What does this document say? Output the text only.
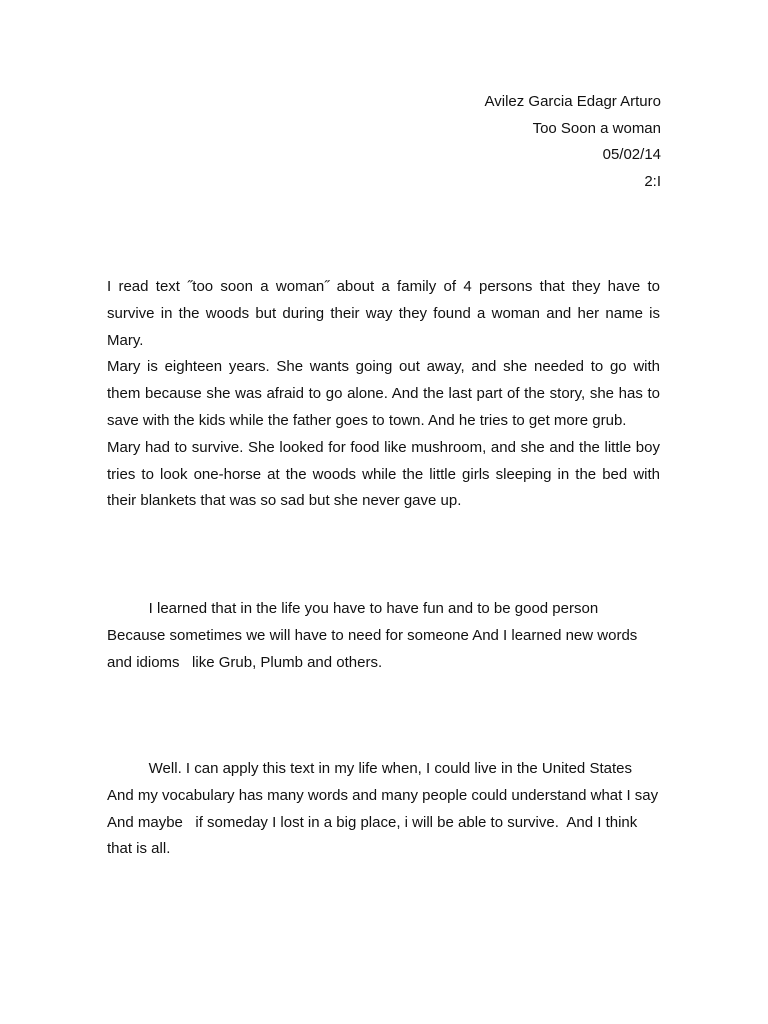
Avilez Garcia Edagr Arturo
Too Soon a woman
05/02/14
2:I
I read text ˝too soon a woman˝ about a family of 4 persons that they have to
survive in the woods but during their way they found a woman and her name is
Mary.
Mary is eighteen years. She wants going out away, and she needed to go with
them because she was afraid to go alone. And the last part of the story, she has to
save with the kids while the father goes to town. And he tries to get more grub.
Mary had to survive. She looked for food like mushroom, and she and the little boy
tries to look one-horse at the woods while the little girls sleeping in the bed with
their blankets that was so sad but she never gave up.
I learned that in the life you have to have fun and to be good person
Because sometimes we will have to need for someone And I learned new words
and idioms   like Grub, Plumb and others.
Well. I can apply this text in my life when, I could live in the United States
And my vocabulary has many words and many people could understand what I say
And maybe   if someday I lost in a big place, i will be able to survive.  And I think
that is all.
